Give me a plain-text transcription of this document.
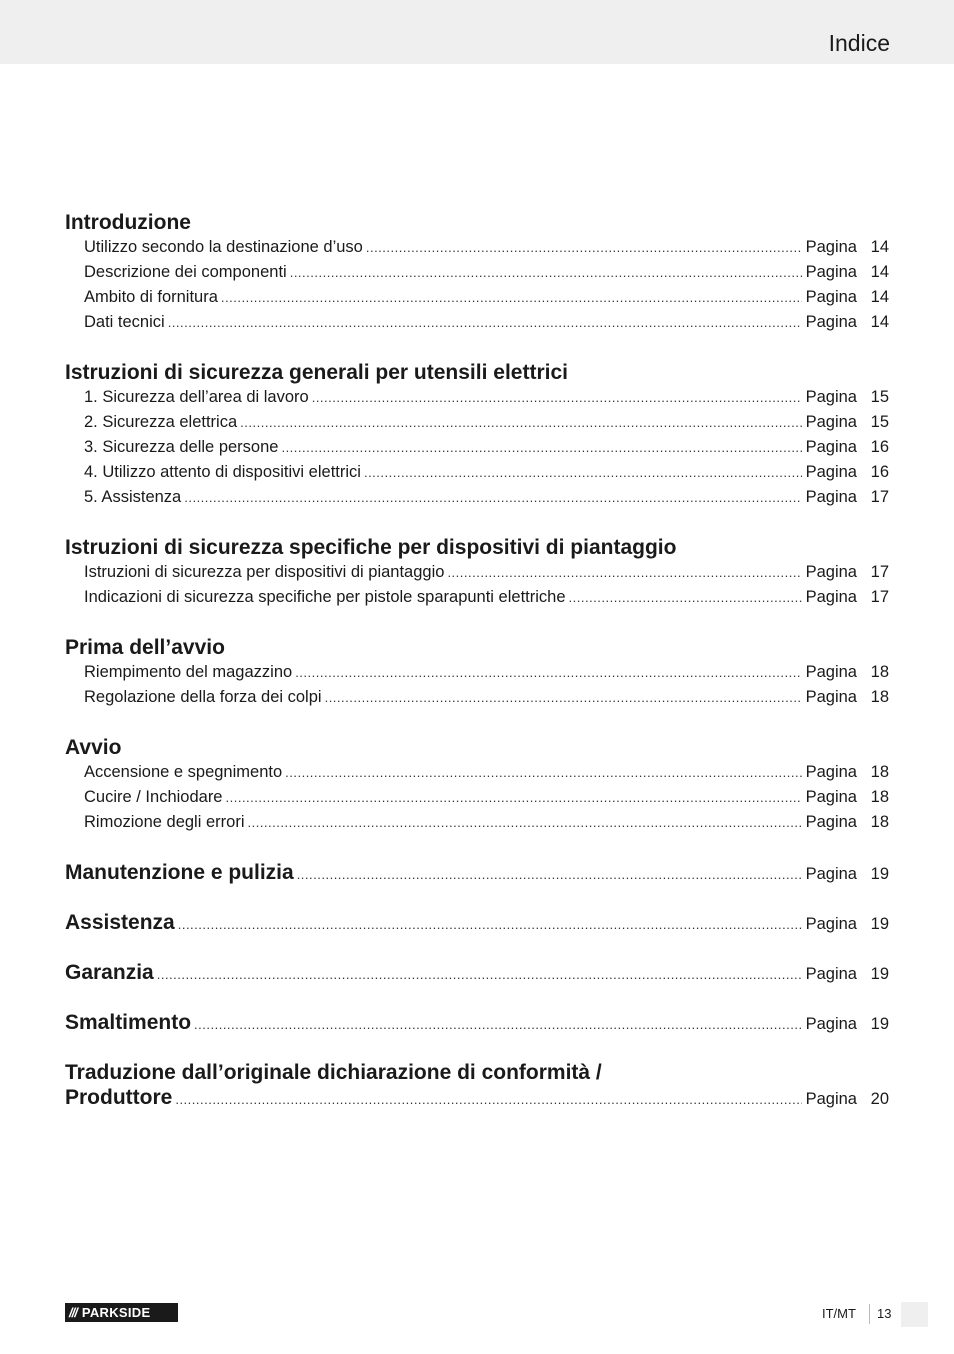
Indice
Introduzione
Utilizzo secondo la destinazione d’uso .....	Pagina 14
Descrizione dei componenti .....	Pagina 14
Ambito di fornitura .....	Pagina 14
Dati tecnici .....	Pagina 14
Istruzioni di sicurezza generali per utensili elettrici
1. Sicurezza dell’area di lavoro .....	Pagina 15
2. Sicurezza elettrica .....	Pagina 15
3. Sicurezza delle persone .....	Pagina 16
4. Utilizzo attento di dispositivi elettrici .....	Pagina 16
5. Assistenza .....	Pagina 17
Istruzioni di sicurezza specifiche per dispositivi di piantaggio
Istruzioni di sicurezza per dispositivi di piantaggio .....	Pagina 17
Indicazioni di sicurezza specifiche per pistole sparapunti elettriche .....	Pagina 17
Prima dell’avvio
Riempimento del magazzino .....	Pagina 18
Regolazione della forza dei colpi .....	Pagina 18
Avvio
Accensione e spegnimento .....	Pagina 18
Cucire / Inchiodare .....	Pagina 18
Rimozione degli errori .....	Pagina 18
Manutenzione e pulizia .....	Pagina 19
Assistenza .....	Pagina 19
Garanzia .....	Pagina 19
Smaltimento .....	Pagina 19
Traduzione dall’originale dichiarazione di conformità /
Produttore .....	Pagina 20
/// PARKSIDE	IT/MT 13
